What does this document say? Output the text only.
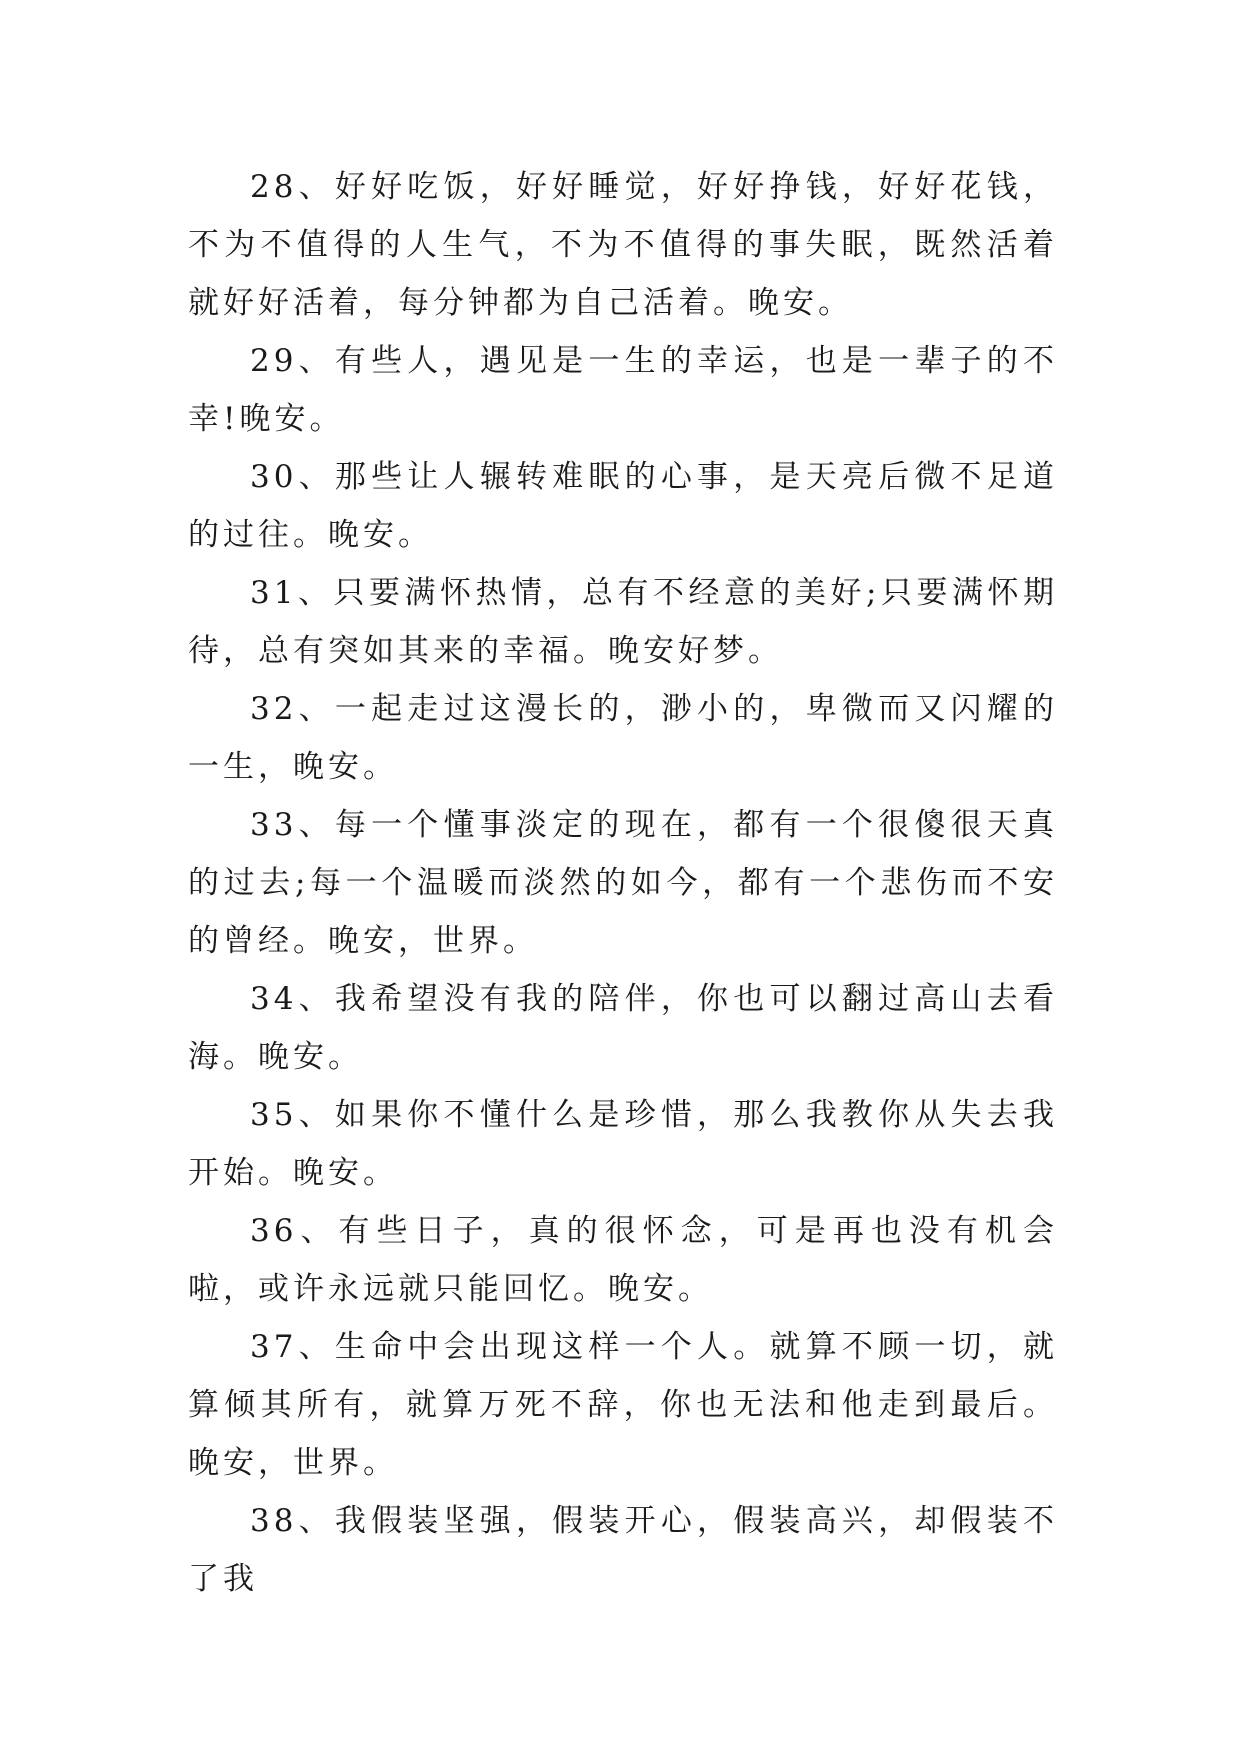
28、好好吃饭，好好睡觉，好好挣钱，好好花钱，不为不值得的人生气，不为不值得的事失眠，既然活着就好好活着，每分钟都为自己活着。晚安。

29、有些人，遇见是一生的幸运，也是一辈子的不幸!晚安。

30、那些让人辗转难眠的心事，是天亮后微不足道的过往。晚安。

31、只要满怀热情，总有不经意的美好;只要满怀期待，总有突如其来的幸福。晚安好梦。

32、一起走过这漫长的，渺小的，卑微而又闪耀的一生，晚安。

33、每一个懂事淡定的现在，都有一个很傻很天真的过去;每一个温暖而淡然的如今，都有一个悲伤而不安的曾经。晚安，世界。

34、我希望没有我的陪伴，你也可以翻过高山去看海。晚安。

35、如果你不懂什么是珍惜，那么我教你从失去我开始。晚安。

36、有些日子，真的很怀念，可是再也没有机会啦，或许永远就只能回忆。晚安。

37、生命中会出现这样一个人。就算不顾一切，就算倾其所有，就算万死不辞，你也无法和他走到最后。晚安，世界。

38、我假装坚强，假装开心，假装高兴，却假装不了我
